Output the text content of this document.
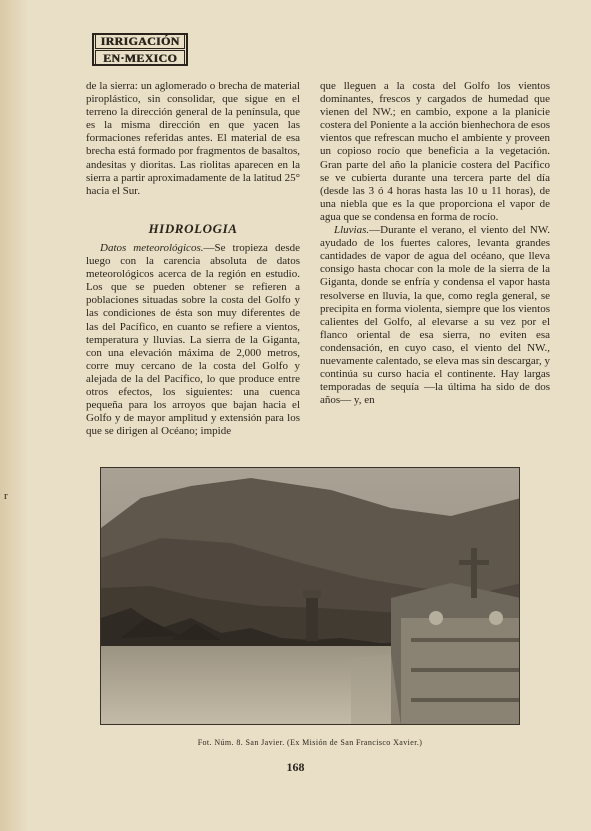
r
IRRIGACIÓN
EN·MEXICO

de la sierra: un aglomerado o brecha de material piroplástico, sin consolidar, que sigue en el terreno la dirección general de la península, que es la misma dirección en que yacen las formaciones referidas antes. El material de esa brecha está formado por fragmentos de basaltos, andesitas y dioritas. Las riolitas aparecen en la sierra a partir aproximadamente de la latitud 25° hacia el Sur.

HIDROLOGIA

Datos meteorológicos.—Se tropieza desde luego con la carencia absoluta de datos meteorológicos acerca de la región en estudio. Los que se pueden obtener se refieren a poblaciones situadas sobre la costa del Golfo y las condiciones de ésta son muy diferentes de las del Pacífico, en cuanto se refiere a vientos, temperatura y lluvias. La sierra de la Giganta, con una elevación máxima de 2,000 metros, corre muy cercano de la costa del Golfo y alejada de la del Pacífico, lo que produce entre otros efectos, los siguientes: una cuenca pequeña para los arroyos que bajan hacia el Golfo y de mayor amplitud y extensión para los que se dirigen al Océano; impide

que lleguen a la costa del Golfo los vientos dominantes, frescos y cargados de humedad que vienen del NW.; en cambio, expone a la planicie costera del Poniente a la acción bienhechora de esos vientos que refrescan mucho el ambiente y proveen un copioso rocío que beneficia a la vegetación. Gran parte del año la planicie costera del Pacífico se ve cubierta durante una tercera parte del día (desde las 3 ó 4 horas hasta las 10 u 11 horas), de una niebla que es la que proporciona el vapor de agua que se condensa en forma de rocío.

Lluvias.—Durante el verano, el viento del NW. ayudado de los fuertes calores, levanta grandes cantidades de vapor de agua del océano, que lleva consigo hasta chocar con la mole de la sierra de la Giganta, donde se enfría y condensa el vapor hasta resolverse en lluvia, la que, como regla general, se precipita en forma violenta, siempre que los vientos calientes del Golfo, al elevarse a su vez por el flanco oriental de esa sierra, no eviten esa condensación, en cuyo caso, el viento del NW., nuevamente calentado, se eleva mas sin descargar, y continúa su curso hacia el continente. Hay largas temporadas de sequía —la última ha sido de dos años— y, en

Fot. Núm. 8. San Javier. (Ex Misión de San Francisco Xavier.)
168
